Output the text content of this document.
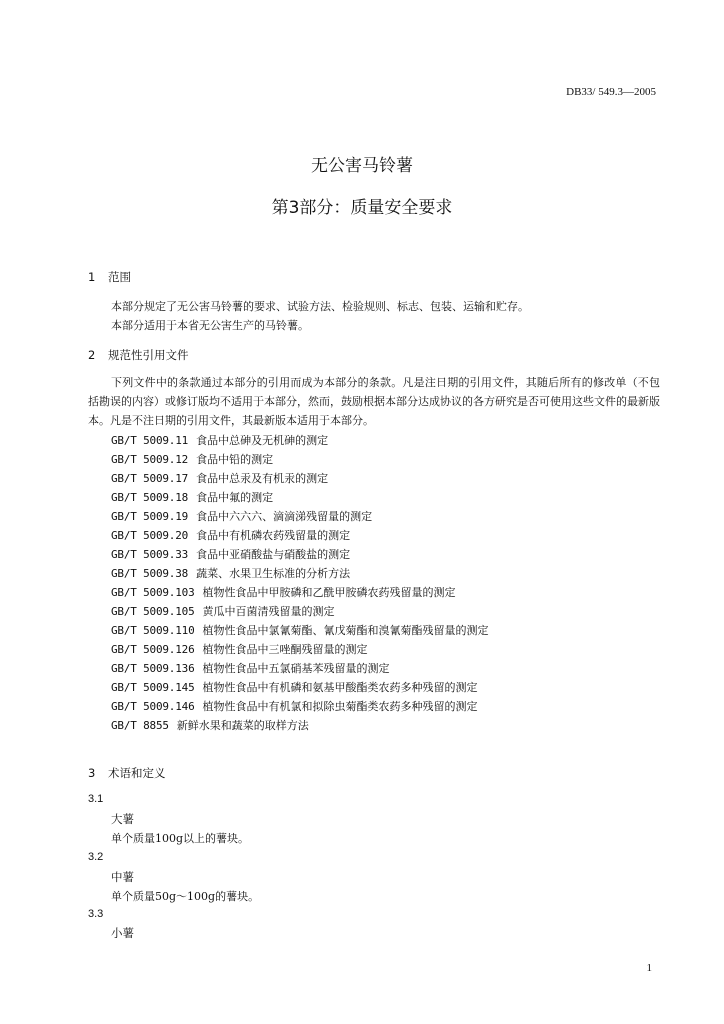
DB33/ 549.3—2005
无公害马铃薯
第3部分：质量安全要求
1 范围
本部分规定了无公害马铃薯的要求、试验方法、检验规则、标志、包装、运输和贮存。
本部分适用于本省无公害生产的马铃薯。
2 规范性引用文件
下列文件中的条款通过本部分的引用而成为本部分的条款。凡是注日期的引用文件，其随后所有的修改单（不包括勘误的内容）或修订版均不适用于本部分，然而，鼓励根据本部分达成协议的各方研究是否可使用这些文件的最新版本。凡是不注日期的引用文件，其最新版本适用于本部分。
GB/T 5009.11 食品中总砷及无机砷的测定
GB/T 5009.12 食品中铅的测定
GB/T 5009.17 食品中总汞及有机汞的测定
GB/T 5009.18 食品中氟的测定
GB/T 5009.19 食品中六六六、滴滴涕残留量的测定
GB/T 5009.20 食品中有机磷农药残留量的测定
GB/T 5009.33 食品中亚硝酸盐与硝酸盐的测定
GB/T 5009.38 蔬菜、水果卫生标准的分析方法
GB/T 5009.103 植物性食品中甲胺磷和乙酰甲胺磷农药残留量的测定
GB/T 5009.105 黄瓜中百菌清残留量的测定
GB/T 5009.110 植物性食品中氯氰菊酯、氰戊菊酯和溴氰菊酯残留量的测定
GB/T 5009.126 植物性食品中三唑酮残留量的测定
GB/T 5009.136 植物性食品中五氯硝基苯残留量的测定
GB/T 5009.145 植物性食品中有机磷和氨基甲酸酯类农药多种残留的测定
GB/T 5009.146 植物性食品中有机氯和拟除虫菊酯类农药多种残留的测定
GB/T 8855 新鲜水果和蔬菜的取样方法
3 术语和定义
3.1
大薯
单个质量100g以上的薯块。
3.2
中薯
单个质量50g～100g的薯块。
3.3
小薯
1
